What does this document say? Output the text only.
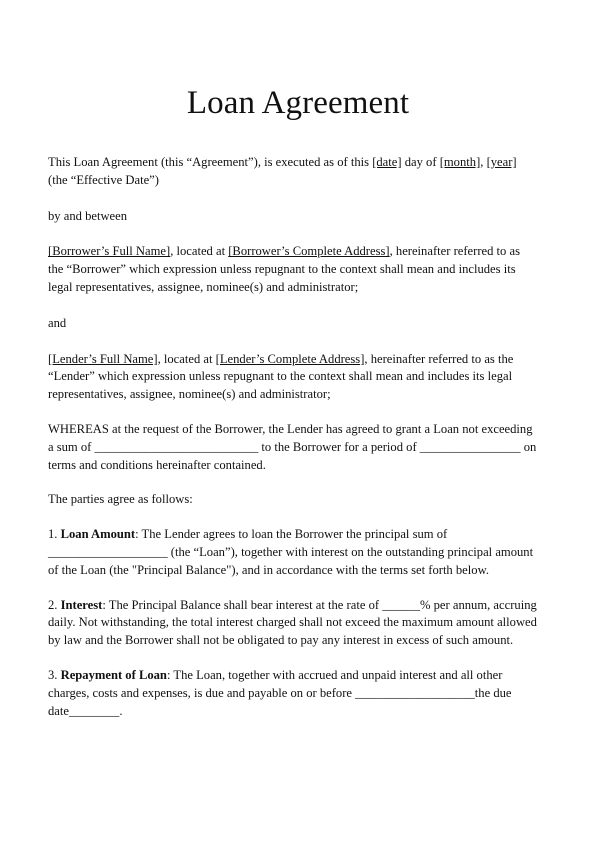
Loan Agreement

This Loan Agreement (this “Agreement”), is executed as of this [date] day of [month], [year]
(the “Effective Date”)

by and between

[Borrower’s Full Name], located at [Borrower’s Complete Address], hereinafter referred to as
the “Borrower” which expression unless repugnant to the context shall mean and includes its
legal representatives, assignee, nominee(s) and administrator;

and

[Lender’s Full Name], located at [Lender’s Complete Address], hereinafter referred to as the
“Lender” which expression unless repugnant to the context shall mean and includes its legal
representatives, assignee, nominee(s) and administrator;

WHEREAS at the request of the Borrower, the Lender has agreed to grant a Loan not exceeding
a sum of __________________________ to the Borrower for a period of ________________ on
terms and conditions hereinafter contained.

The parties agree as follows:

1. Loan Amount: The Lender agrees to loan the Borrower the principal sum of
___________________ (the “Loan”), together with interest on the outstanding principal amount
of the Loan (the "Principal Balance"), and in accordance with the terms set forth below.

2. Interest: The Principal Balance shall bear interest at the rate of ______% per annum, accruing
daily. Not withstanding, the total interest charged shall not exceed the maximum amount allowed
by law and the Borrower shall not be obligated to pay any interest in excess of such amount.

3. Repayment of Loan: The Loan, together with accrued and unpaid interest and all other
charges, costs and expenses, is due and payable on or before ___________________the due
date________.
